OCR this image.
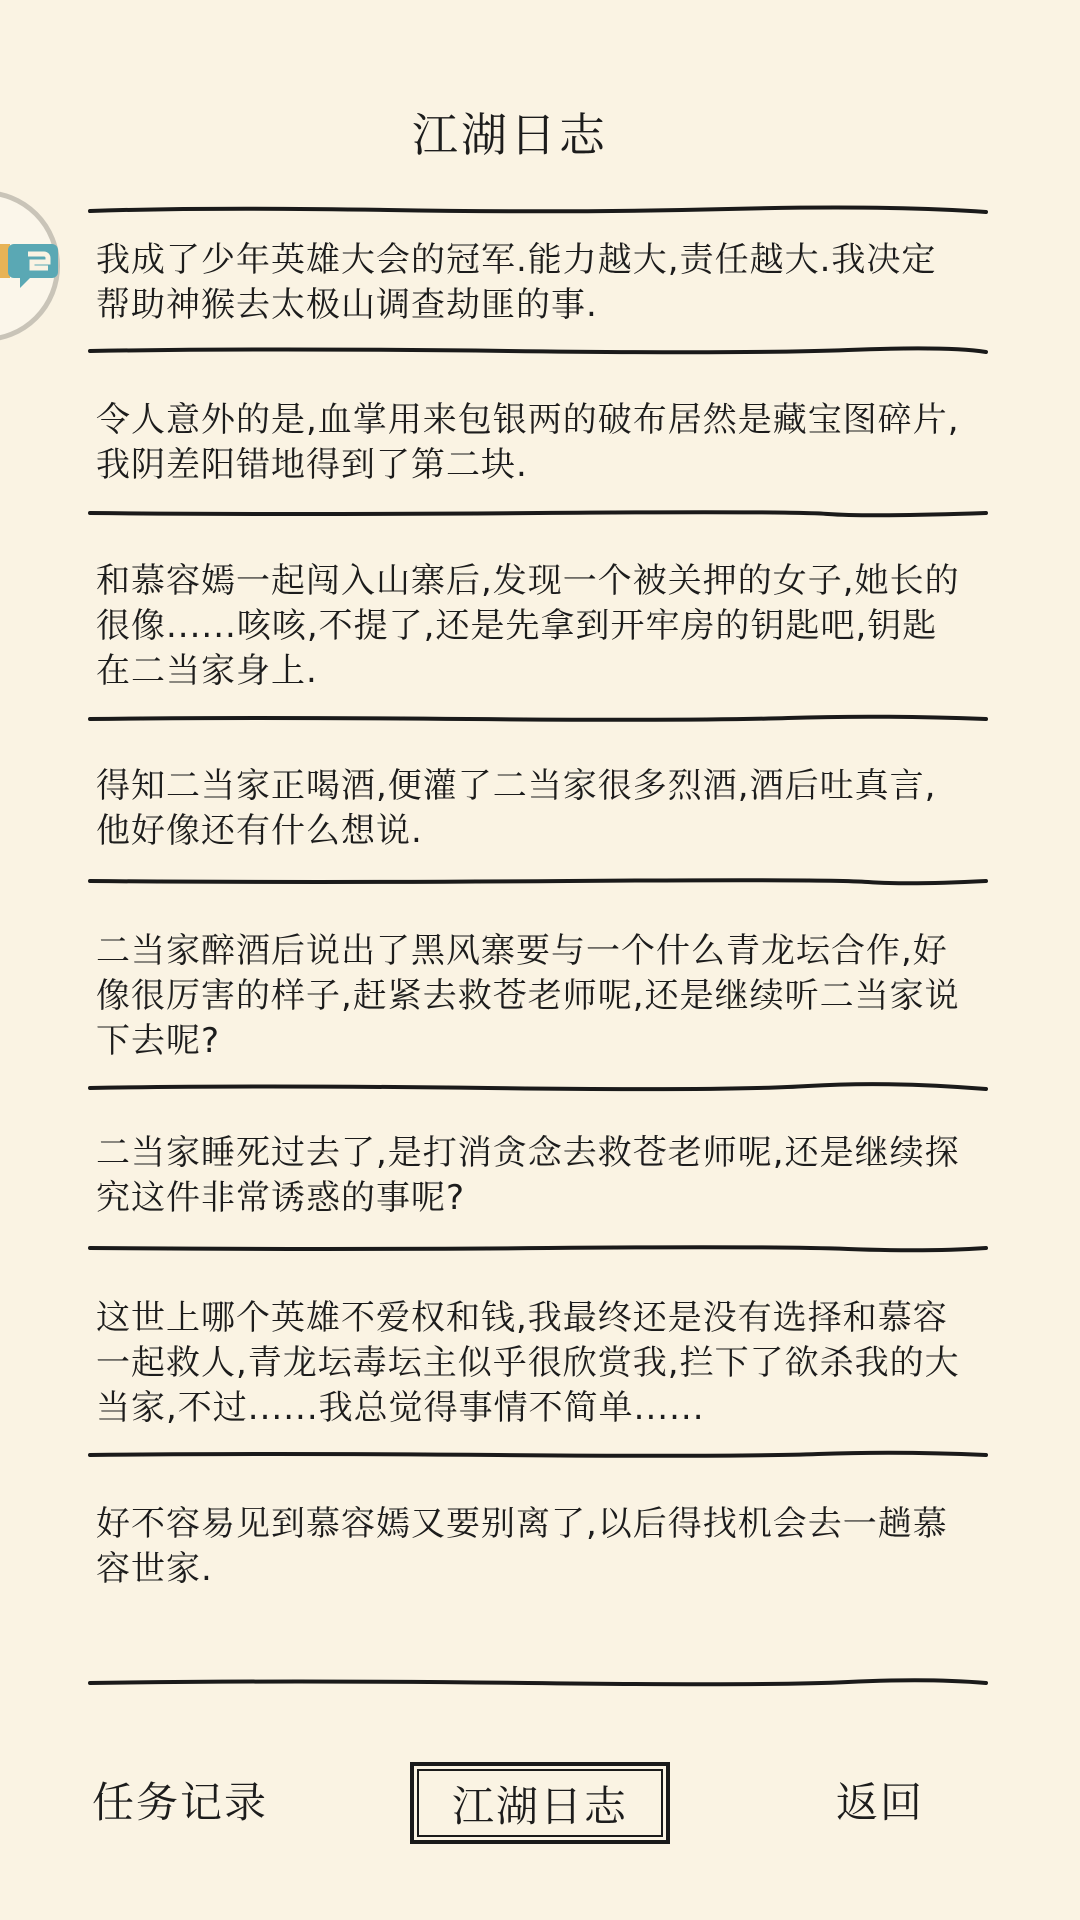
江湖日志
我成了少年英雄大会的冠军.能力越大,责任越大.我决定帮助神猴去太极山调查劫匪的事.
令人意外的是,血掌用来包银两的破布居然是藏宝图碎片,我阴差阳错地得到了第二块.
和慕容嫣一起闯入山寨后,发现一个被关押的女子,她长的很像......咳咳,不提了,还是先拿到开牢房的钥匙吧,钥匙在二当家身上.
得知二当家正喝酒,便灌了二当家很多烈酒,酒后吐真言,他好像还有什么想说.
二当家醉酒后说出了黑风寨要与一个什么青龙坛合作,好像很厉害的样子,赶紧去救苍老师呢,还是继续听二当家说下去呢?
二当家睡死过去了,是打消贪念去救苍老师呢,还是继续探究这件非常诱惑的事呢?
这世上哪个英雄不爱权和钱,我最终还是没有选择和慕容一起救人,青龙坛毒坛主似乎很欣赏我,拦下了欲杀我的大当家,不过......我总觉得事情不简单......
好不容易见到慕容嫣又要别离了,以后得找机会去一趟慕容世家.
任务记录	江湖日志	返回
